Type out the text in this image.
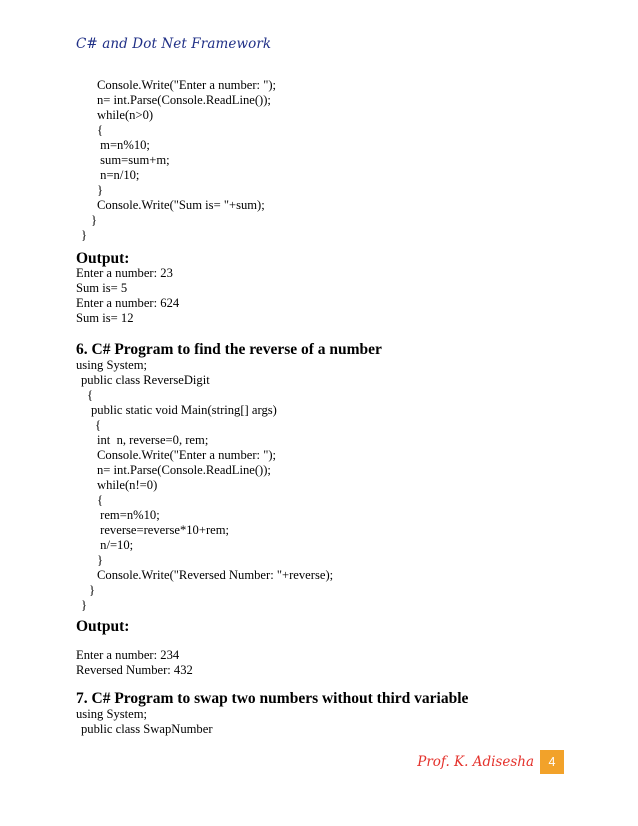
C# and Dot Net Framework
Console.Write("Enter a number: ");
n= int.Parse(Console.ReadLine());
while(n>0)
{
m=n%10;
sum=sum+m;
n=n/10;
}
Console.Write("Sum is= "+sum);
}
}
Output:
Enter a number: 23
Sum is= 5
Enter a number: 624
Sum is= 12
6. C# Program to find the reverse of a number
using System;
public class ReverseDigit
{
public static void Main(string[] args)
{
int  n, reverse=0, rem;
Console.Write("Enter a number: ");
n= int.Parse(Console.ReadLine());
while(n!=0)
{
rem=n%10;
reverse=reverse*10+rem;
n/=10;
}
Console.Write("Reversed Number: "+reverse);
}
}
Output:
Enter a number: 234
Reversed Number: 432
7. C# Program to swap two numbers without third variable
using System;
public class SwapNumber
Prof. K. Adisesha	4
